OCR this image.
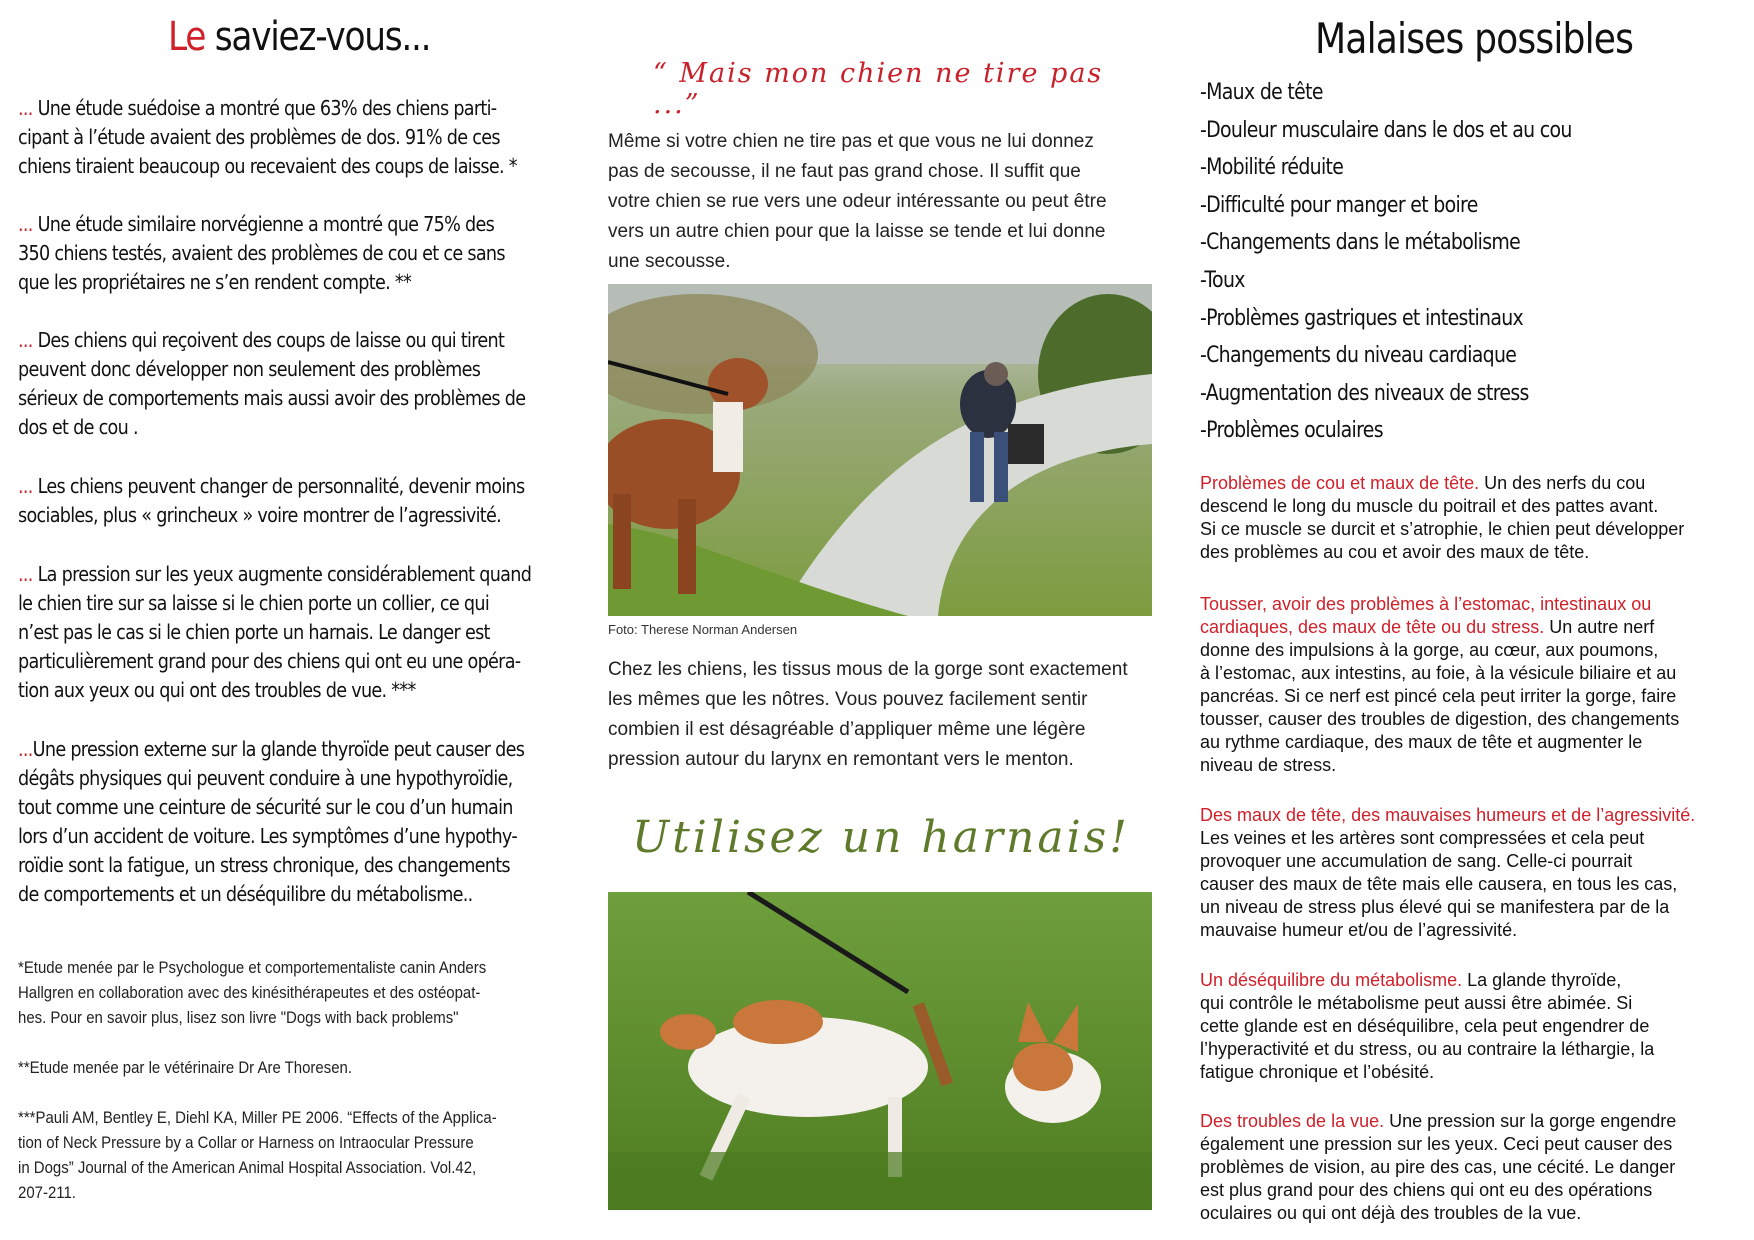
Le saviez-vous...

... Une étude suédoise a montré que 63% des chiens parti-
cipant à l’étude avaient des problèmes de dos. 91% de ces
chiens tiraient beaucoup ou recevaient des coups de laisse. *

... Une étude similaire norvégienne a montré que 75% des
350 chiens testés, avaient des problèmes de cou et ce sans
que les propriétaires ne s’en rendent compte. **

... Des chiens qui reçoivent des coups de laisse ou qui tirent
peuvent donc développer non seulement des problèmes
sérieux de comportements mais aussi avoir des problèmes de
dos et de cou .

... Les chiens peuvent changer de personnalité, devenir moins
sociables, plus « grincheux » voire montrer de l’agressivité.

... La pression sur les yeux augmente considérablement quand
le chien tire sur sa laisse si le chien porte un collier, ce qui
n’est pas le cas si le chien porte un harnais. Le danger est
particulièrement grand pour des chiens qui ont eu une opéra-
tion aux yeux ou qui ont des troubles de vue. ***

...Une pression externe sur la glande thyroïde peut causer des
dégâts physiques qui peuvent conduire à une hypothyroïdie,
tout comme une ceinture de sécurité sur le cou d’un humain
lors d’un accident de voiture. Les symptômes d’une hypothy-
roïdie sont la fatigue, un stress chronique, des changements
de comportements et un déséquilibre du métabolisme..

*Etude menée par le Psychologue et comportementaliste canin Anders
Hallgren en collaboration avec des kinésithérapeutes et des ostéopat-
hes. Pour en savoir plus, lisez son livre "Dogs with back problems"

**Etude menée par le vétérinaire Dr Are Thoresen.

***Pauli AM, Bentley E, Diehl KA, Miller PE 2006. “Effects of the Applica-
tion of Neck Pressure by a Collar or Harness on Intraocular Pressure
in Dogs” Journal of the American Animal Hospital Association. Vol.42,
207-211.

“ Mais mon chien ne tire pas ...”

Même si votre chien ne tire pas et que vous ne lui donnez
pas de secousse, il ne faut pas grand chose. Il suffit que
votre chien se rue vers une odeur intéressante ou peut être
vers un autre chien pour que la laisse se tende et lui donne
une secousse.

Foto: Therese Norman Andersen

Chez les chiens, les tissus mous de la gorge sont exactement
les mêmes que les nôtres. Vous pouvez facilement sentir
combien il est désagréable d’appliquer même une légère
pression autour du larynx en remontant vers le menton.

Utilisez un harnais!
Malaises possibles
-Maux de tête
-Douleur musculaire dans le dos et au cou
-Mobilité réduite
-Difficulté pour manger et boire
-Changements dans le métabolisme
-Toux
-Problèmes gastriques et intestinaux
-Changements du niveau cardiaque
-Augmentation des niveaux de stress
-Problèmes oculaires

Problèmes de cou et maux de tête. Un des nerfs du cou
descend le long du muscle du poitrail et des pattes avant.
Si ce muscle se durcit et s’atrophie, le chien peut développer
des problèmes au cou et avoir des maux de tête.

Tousser, avoir des problèmes à l’estomac, intestinaux ou
cardiaques, des maux de tête ou du stress. Un autre nerf
donne des impulsions à la gorge, au cœur, aux poumons,
à l’estomac, aux intestins, au foie, à la vésicule biliaire et au
pancréas. Si ce nerf est pincé cela peut irriter la gorge, faire
tousser, causer des troubles de digestion, des changements
au rythme cardiaque, des maux de tête et augmenter le
niveau de stress.

Des maux de tête, des mauvaises humeurs et de l’agressivité.
Les veines et les artères sont compressées et cela peut
provoquer une accumulation de sang. Celle-ci pourrait
causer des maux de tête mais elle causera, en tous les cas,
un niveau de stress plus élevé qui se manifestera par de la
mauvaise humeur et/ou de l’agressivité.

Un déséquilibre du métabolisme. La glande thyroïde,
qui contrôle le métabolisme peut aussi être abimée. Si
cette glande est en déséquilibre, cela peut engendrer de
l’hyperactivité et du stress, ou au contraire la léthargie, la
fatigue chronique et l’obésité.

Des troubles de la vue. Une pression sur la gorge engendre
également une pression sur les yeux. Ceci peut causer des
problèmes de vision, au pire des cas, une cécité. Le danger
est plus grand pour des chiens qui ont eu des opérations
oculaires ou qui ont déjà des troubles de la vue.
